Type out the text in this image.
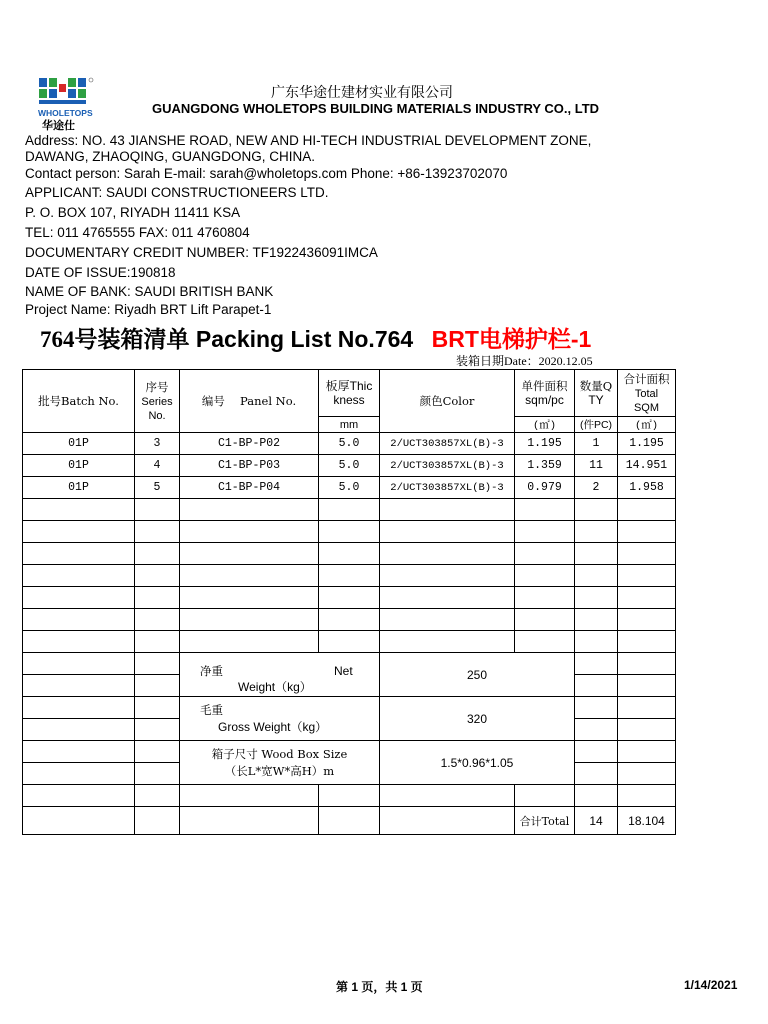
WHOLETOPS
华途仕
广东华途仕建材实业有限公司
GUANGDONG WHOLETOPS BUILDING MATERIALS INDUSTRY CO., LTD
Address: NO. 43 JIANSHE ROAD, NEW AND HI-TECH INDUSTRIAL DEVELOPMENT ZONE,
DAWANG, ZHAOQING, GUANGDONG, CHINA.
Contact person: Sarah E-mail: sarah@wholetops.com Phone: +86-13923702070
APPLICANT: SAUDI CONSTRUCTIONEERS LTD.
P. O. BOX 107, RIYADH 11411 KSA
TEL: 011 4765555 FAX: 011 4760804
DOCUMENTARY CREDIT NUMBER: TF1922436091IMCA
DATE OF ISSUE:190818
NAME OF BANK: SAUDI BRITISH BANK
Project Name: Riyadh BRT Lift Parapet-1
764号装箱清单 Packing List No.764 BRT电梯护栏-1
装箱日期Date：2020.12.05
批号Batch No.	序号
Series
No.	编号　 Panel No.	板厚Thic
kness	颜色Color	单件面积
sqm/pc	数量Q
TY	合计面积
Total
SQM
			mm		(㎡)	(件PC)	(㎡)
01P	3	C1-BP-P02	5.0	2/UCT303857XL(B)-3	1.195	1	1.195
01P	4	C1-BP-P03	5.0	2/UCT303857XL(B)-3	1.359	11	14.951
01P	5	C1-BP-P04	5.0	2/UCT303857XL(B)-3	0.979	2	1.958

		净重 Net
Weight（kg）		250			

		毛重
Gross Weight（kg）		320			

		箱子尺寸 Wood Box Size
（长L*宽W*高H）m		1.5*0.96*1.05			

					合计Total	14	18.104
第 1 页，共 1 页	1/14/2021
